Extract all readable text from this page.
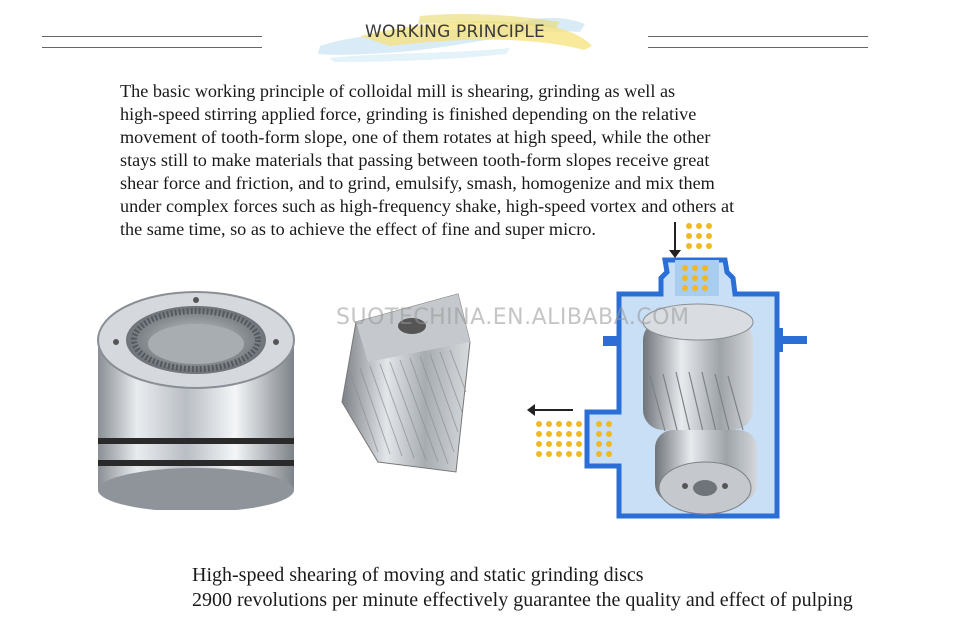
WORKING PRINCIPLE
The basic working principle of colloidal mill is shearing, grinding as well as
high-speed stirring applied force, grinding is finished depending on the relative
movement of tooth-form slope, one of them rotates at high speed, while the other
stays still to make materials that passing between tooth-form slopes receive great
shear force and friction, and to grind, emulsify, smash, homogenize and mix them
under complex forces such as high-frequency shake, high-speed vortex and others at
the same time, so as to achieve the effect of fine and super micro.
SUOTECHINA.EN.ALIBABA.COM
High-speed shearing of moving and static grinding discs
2900 revolutions per minute effectively guarantee the quality and effect of pulping
